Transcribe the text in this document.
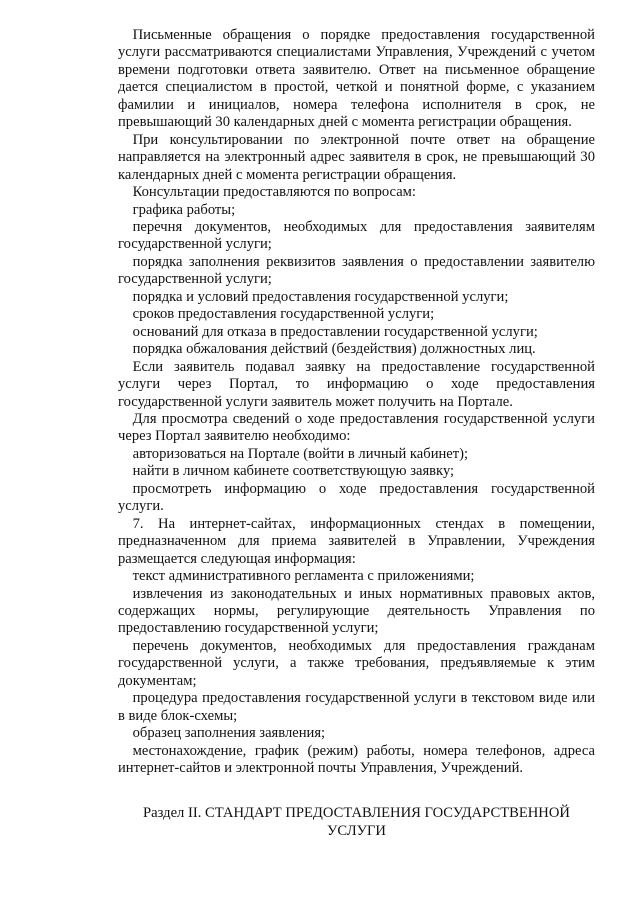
Письменные обращения о порядке предоставления государственной услуги рассматриваются специалистами Управления, Учреждений с учетом времени подготовки ответа заявителю. Ответ на письменное обращение дается специалистом в простой, четкой и понятной форме, с указанием фамилии и инициалов, номера телефона исполнителя в срок, не превышающий 30 календарных дней с момента регистрации обращения.

При консультировании по электронной почте ответ на обращение направляется на электронный адрес заявителя в срок, не превышающий 30 календарных дней с момента регистрации обращения.

Консультации предоставляются по вопросам:

графика работы;

перечня документов, необходимых для предоставления заявителям государственной услуги;

порядка заполнения реквизитов заявления о предоставлении заявителю государственной услуги;

порядка и условий предоставления государственной услуги;

сроков предоставления государственной услуги;

оснований для отказа в предоставлении государственной услуги;

порядка обжалования действий (бездействия) должностных лиц.

Если заявитель подавал заявку на предоставление государственной услуги через Портал, то информацию о ходе предоставления государственной услуги заявитель может получить на Портале.

Для просмотра сведений о ходе предоставления государственной услуги через Портал заявителю необходимо:

авторизоваться на Портале (войти в личный кабинет);

найти в личном кабинете соответствующую заявку;

просмотреть информацию о ходе предоставления государственной услуги.

7. На интернет-сайтах, информационных стендах в помещении, предназначенном для приема заявителей в Управлении, Учреждения размещается следующая информация:

текст административного регламента с приложениями;

извлечения из законодательных и иных нормативных правовых актов, содержащих нормы, регулирующие деятельность Управления по предоставлению государственной услуги;

перечень документов, необходимых для предоставления гражданам государственной услуги, а также требования, предъявляемые к этим документам;

процедура предоставления государственной услуги в текстовом виде или в виде блок-схемы;

образец заполнения заявления;

местонахождение, график (режим) работы, номера телефонов, адреса интернет-сайтов и электронной почты Управления, Учреждений.

Раздел II. СТАНДАРТ ПРЕДОСТАВЛЕНИЯ ГОСУДАРСТВЕННОЙ
УСЛУГИ
